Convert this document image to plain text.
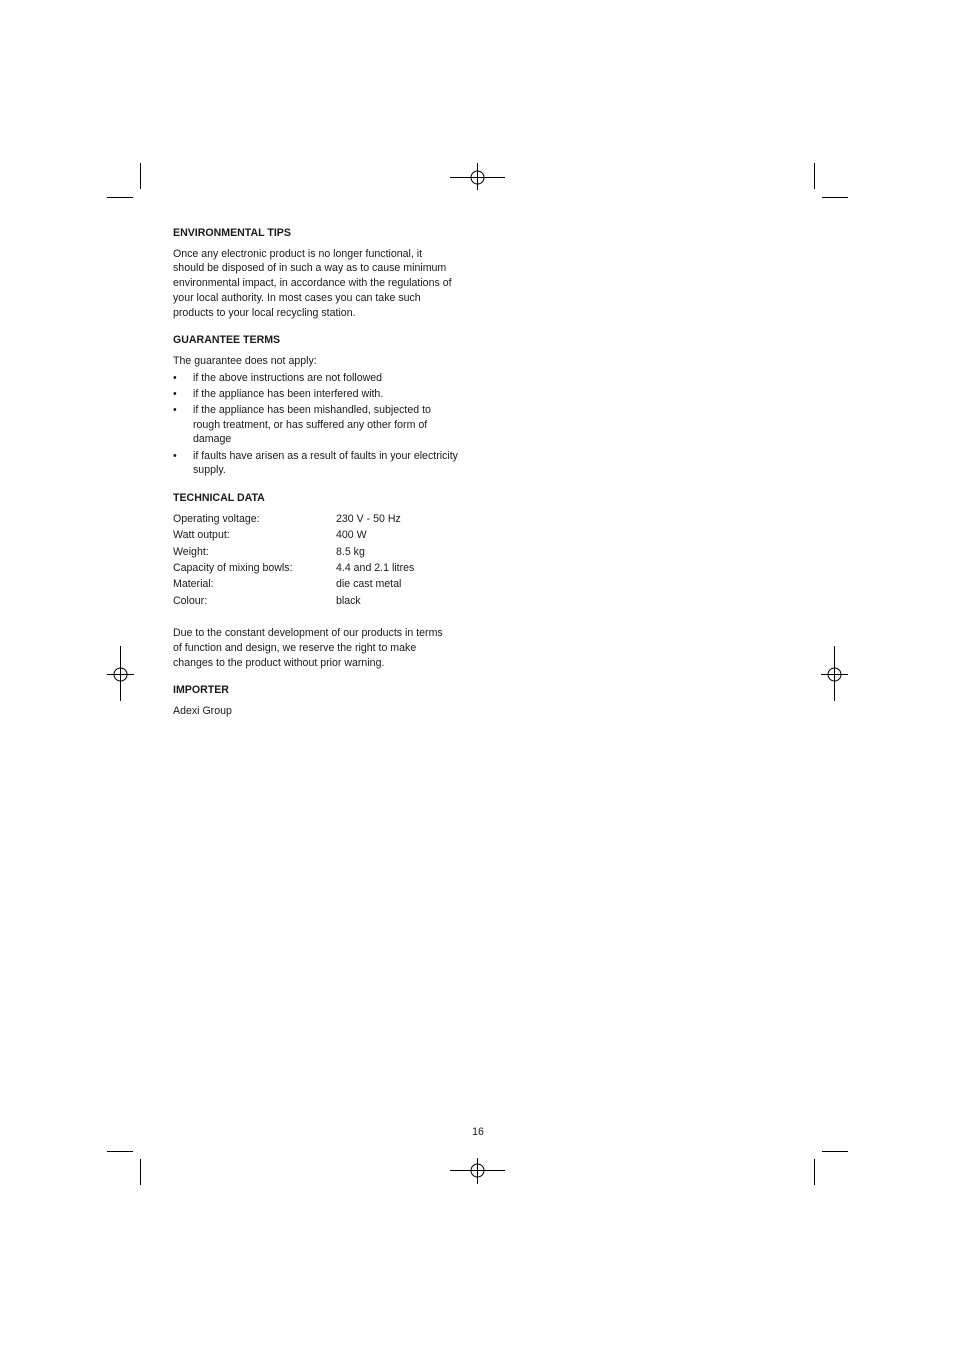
ENVIRONMENTAL TIPS
Once any electronic product is no longer functional, it
should be disposed of in such a way as to cause minimum
environmental impact, in accordance with the regulations of
your local authority. In most cases you can take such
products to your local recycling station.
GUARANTEE TERMS
The guarantee does not apply:
• if the above instructions are not followed
• if the appliance has been interfered with.
• if the appliance has been mishandled, subjected to
rough treatment, or has suffered any other form of
damage
• if faults have arisen as a result of faults in your electricity
supply.
TECHNICAL DATA
Operating voltage:	230 V - 50 Hz
Watt output:	400 W
Weight:	8.5 kg
Capacity of mixing bowls:	4.4 and 2.1 litres
Material:	die cast metal
Colour:	black
Due to the constant development of our products in terms
of function and design, we reserve the right to make
changes to the product without prior warning.
IMPORTER
Adexi Group
16
